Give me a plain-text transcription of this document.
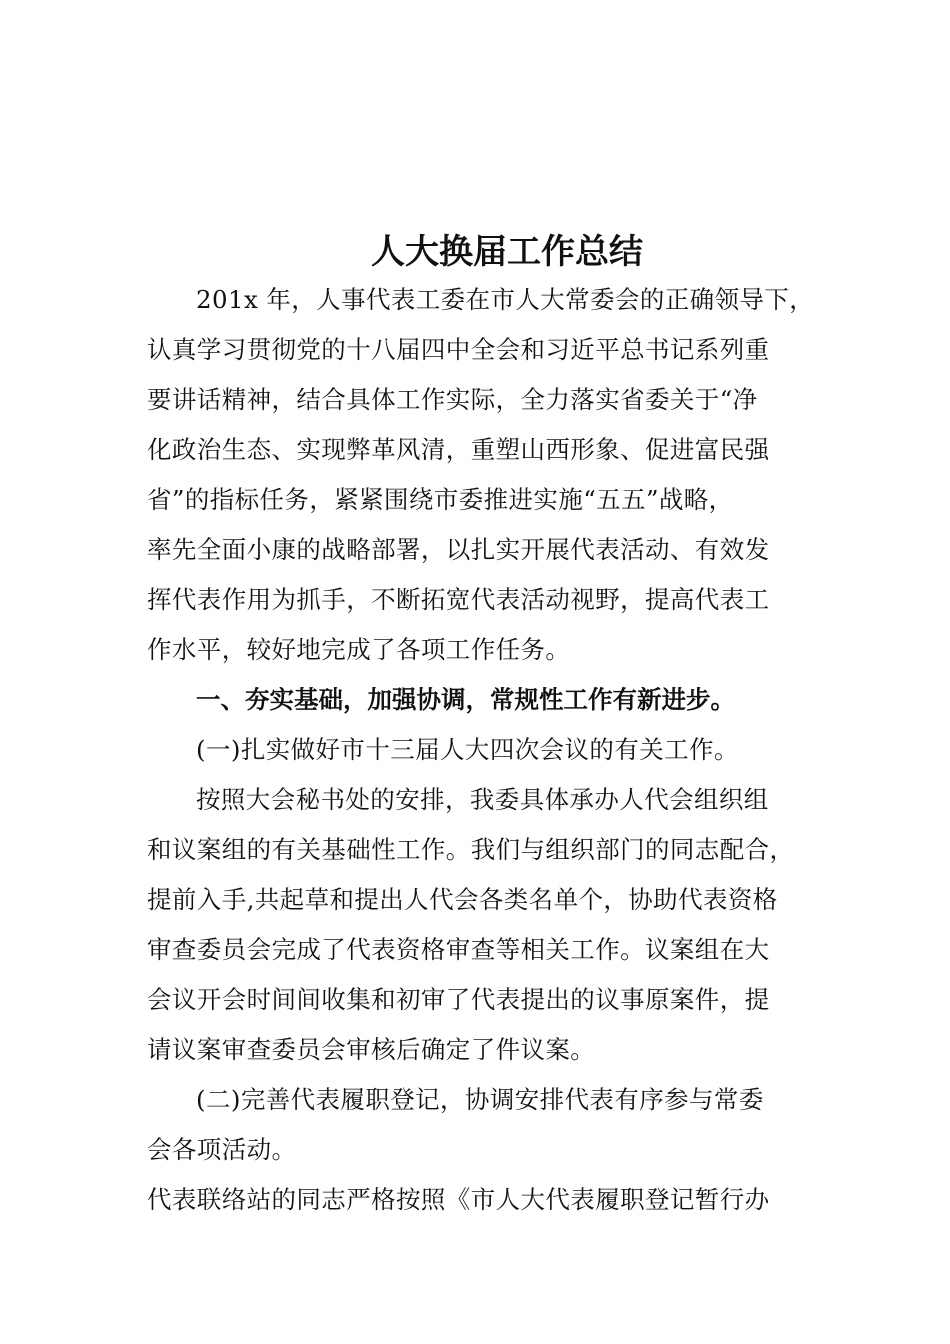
人大换届工作总结
201x 年，人事代表工委在市人大常委会的正确领导下，
认真学习贯彻党的十八届四中全会和习近平总书记系列重
要讲话精神，结合具体工作实际，全力落实省委关于“净
化政治生态、实现弊革风清，重塑山西形象、促进富民强
省”的指标任务，紧紧围绕市委推进实施“五五”战略，
率先全面小康的战略部署，以扎实开展代表活动、有效发
挥代表作用为抓手，不断拓宽代表活动视野，提高代表工
作水平，较好地完成了各项工作任务。
一、夯实基础，加强协调，常规性工作有新进步。
(一)扎实做好市十三届人大四次会议的有关工作。
按照大会秘书处的安排，我委具体承办人代会组织组
和议案组的有关基础性工作。我们与组织部门的同志配合，
提前入手,共起草和提出人代会各类名单个，协助代表资格
审查委员会完成了代表资格审查等相关工作。议案组在大
会议开会时间间收集和初审了代表提出的议事原案件，提
请议案审查委员会审核后确定了件议案。
(二)完善代表履职登记，协调安排代表有序参与常委
会各项活动。
代表联络站的同志严格按照《市人大代表履职登记暂行办
